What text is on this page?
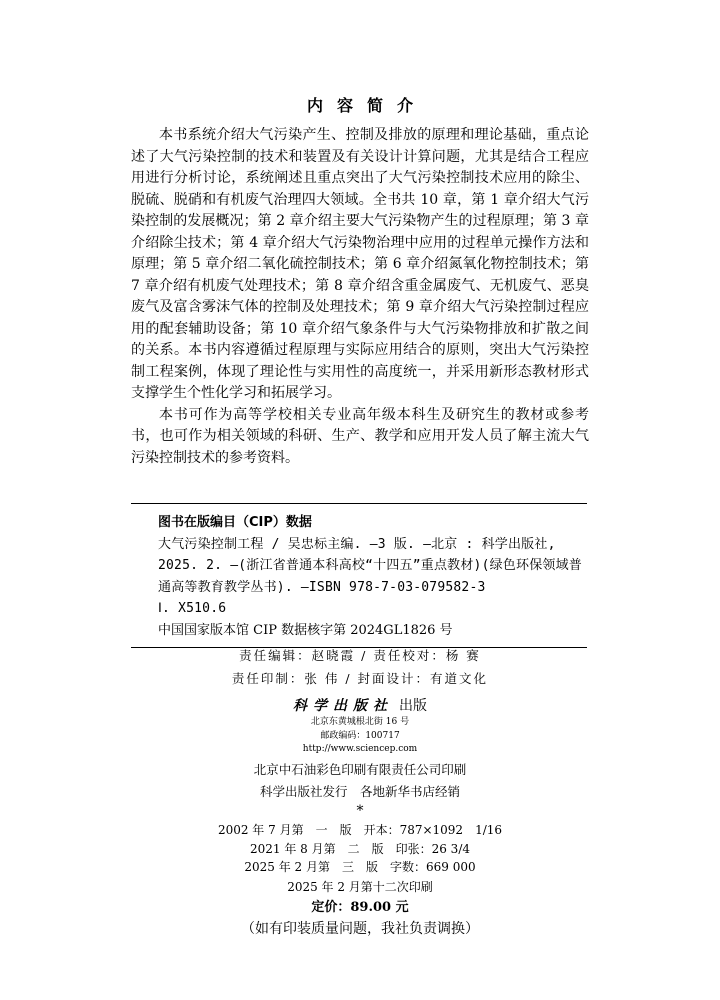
内容简介

本书系统介绍大气污染产生、控制及排放的原理和理论基础，重点论述了大气污染控制的技术和装置及有关设计计算问题，尤其是结合工程应用进行分析讨论，系统阐述且重点突出了大气污染控制技术应用的除尘、脱硫、脱硝和有机废气治理四大领域。全书共 10 章，第 1 章介绍大气污染控制的发展概况；第 2 章介绍主要大气污染物产生的过程原理；第 3 章介绍除尘技术；第 4 章介绍大气污染物治理中应用的过程单元操作方法和原理；第 5 章介绍二氧化硫控制技术；第 6 章介绍氮氧化物控制技术；第 7 章介绍有机废气处理技术；第 8 章介绍含重金属废气、无机废气、恶臭废气及富含雾沫气体的控制及处理技术；第 9 章介绍大气污染控制过程应用的配套辅助设备；第 10 章介绍气象条件与大气污染物排放和扩散之间的关系。本书内容遵循过程原理与实际应用结合的原则，突出大气污染控制工程案例，体现了理论性与实用性的高度统一，并采用新形态教材形式支撑学生个性化学习和拓展学习。

本书可作为高等学校相关专业高年级本科生及研究生的教材或参考书，也可作为相关领域的科研、生产、教学和应用开发人员了解主流大气污染控制技术的参考资料。

图书在版编目（CIP）数据
大气污染控制工程 / 吴忠标主编. —3 版. —北京 : 科学出版社, 2025. 2. —(浙江省普通本科高校“十四五”重点教材)(绿色环保领域普通高等教育教学丛书). —ISBN 978-7-03-079582-3
Ⅰ. X510.6
中国国家版本馆 CIP 数据核字第 2024GL1826 号
责任编辑：赵晓霞 / 责任校对：杨 赛
责任印制：张 伟 / 封面设计：有道文化
科学出版社 出版
北京东黄城根北街 16 号
邮政编码：100717
http://www.sciencep.com
北京中石油彩色印刷有限责任公司印刷
科学出版社发行　各地新华书店经销
*
2002 年 7 月第　一　版　开本：787×1092　1/16
2021 年 8 月第　二　版　印张：26 3/4
2025 年 2 月第　三　版　字数：669 000
2025 年 2 月第十二次印刷
定价：89.00 元
（如有印装质量问题，我社负责调换）
